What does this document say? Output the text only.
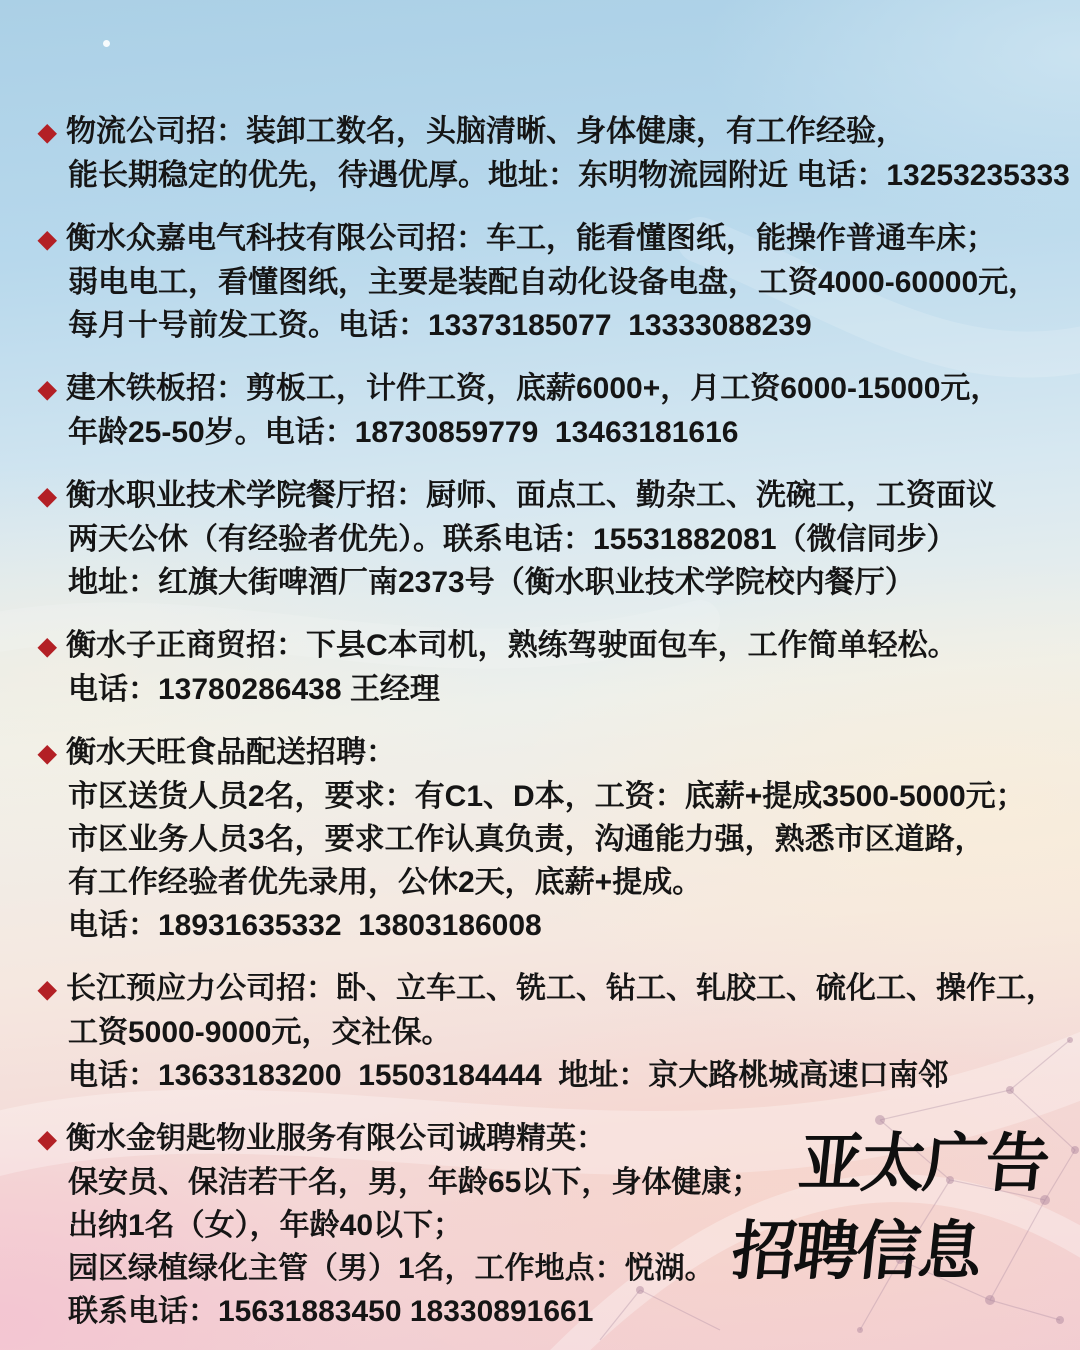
◆ 物流公司招：装卸工数名，头脑清晰、身体健康，有工作经验，
能长期稳定的优先，待遇优厚。地址：东明物流园附近 电话：13253235333
◆ 衡水众嘉电气科技有限公司招：车工，能看懂图纸，能操作普通车床；
弱电电工，看懂图纸，主要是装配自动化设备电盘，工资4000-60000元，
每月十号前发工资。电话：13373185077  13333088239
◆ 建木铁板招：剪板工，计件工资，底薪6000+，月工资6000-15000元，
年龄25-50岁。电话：18730859779  13463181616
◆ 衡水职业技术学院餐厅招：厨师、面点工、勤杂工、洗碗工，工资面议
两天公休（有经验者优先）。联系电话：15531882081（微信同步）
地址：红旗大街啤酒厂南2373号（衡水职业技术学院校内餐厅）
◆ 衡水子正商贸招：下县C本司机，熟练驾驶面包车，工作简单轻松。
电话：13780286438 王经理
◆ 衡水天旺食品配送招聘：
市区送货人员2名，要求：有C1、D本，工资：底薪+提成3500-5000元；
市区业务人员3名，要求工作认真负责，沟通能力强，熟悉市区道路，
有工作经验者优先录用，公休2天，底薪+提成。
电话：18931635332  13803186008
◆ 长江预应力公司招：卧、立车工、铣工、钻工、轧胶工、硫化工、操作工，
工资5000-9000元，交社保。
电话：13633183200  15503184444  地址：京大路桃城高速口南邻
◆ 衡水金钥匙物业服务有限公司诚聘精英：
保安员、保洁若干名，男，年龄65以下，身体健康；
出纳1名（女），年龄40以下；
园区绿植绿化主管（男）1名，工作地点：悦湖。
联系电话：15631883450 18330891661
亚太广告
招聘信息
